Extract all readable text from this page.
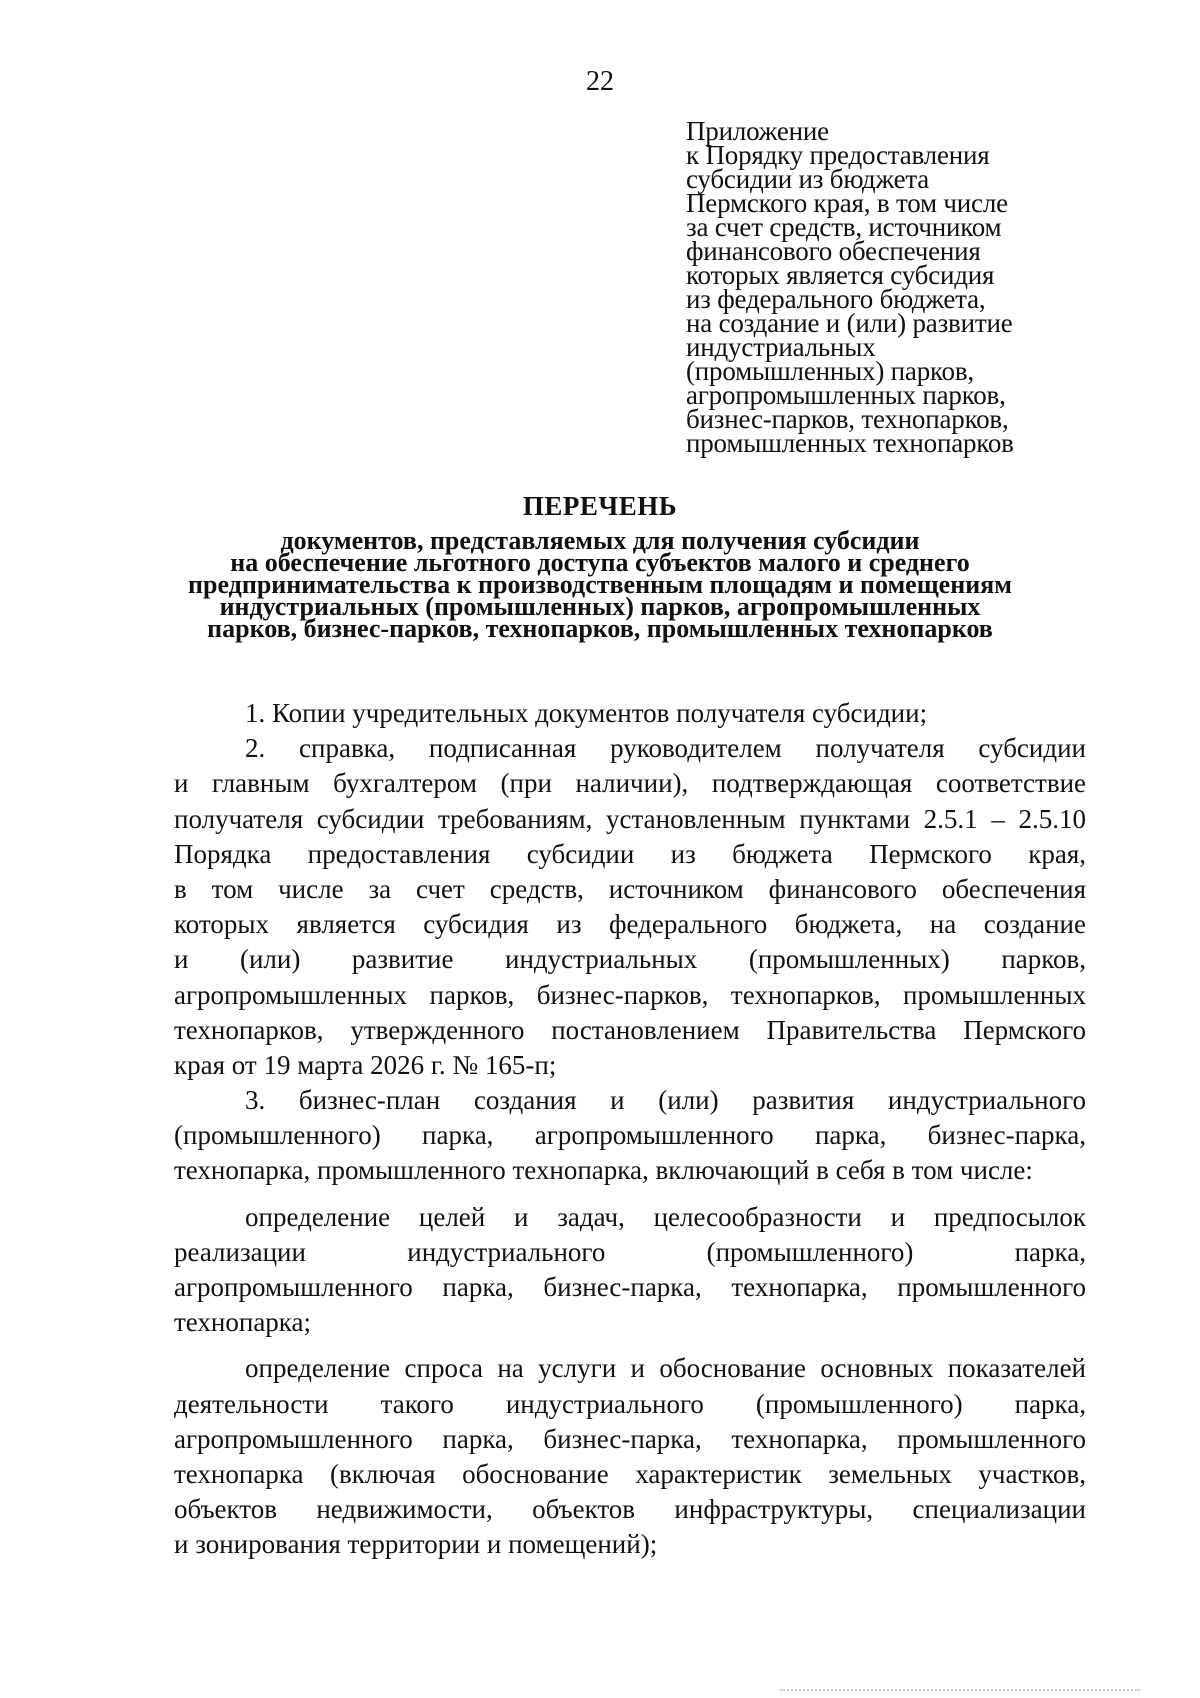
22
Приложение
к Порядку предоставления
субсидии из бюджета
Пермского края, в том числе
за счет средств, источником
финансового обеспечения
которых является субсидия
из федерального бюджета,
на создание и (или) развитие
индустриальных
(промышленных) парков,
агропромышленных парков,
бизнес-парков, технопарков,
промышленных технопарков
ПЕРЕЧЕНЬ
документов, представляемых для получения субсидии
на обеспечение льготного доступа субъектов малого и среднего
предпринимательства к производственным площадям и помещениям
индустриальных (промышленных) парков, агропромышленных
парков, бизнес-парков, технопарков, промышленных технопарков
1. Копии учредительных документов получателя субсидии;
2. справка, подписанная руководителем получателя субсидии
и главным бухгалтером (при наличии), подтверждающая соответствие
получателя субсидии требованиям, установленным пунктами 2.5.1 – 2.5.10
Порядка предоставления субсидии из бюджета Пермского края,
в том числе за счет средств, источником финансового обеспечения
которых является субсидия из федерального бюджета, на создание
и (или) развитие индустриальных (промышленных) парков,
агропромышленных парков, бизнес-парков, технопарков, промышленных
технопарков, утвержденного постановлением Правительства Пермского
края от 19 марта 2026 г. № 165-п;
3. бизнес-план создания и (или) развития индустриального
(промышленного) парка, агропромышленного парка, бизнес-парка,
технопарка, промышленного технопарка, включающий в себя в том числе:
определение целей и задач, целесообразности и предпосылок
реализации индустриального (промышленного) парка,
агропромышленного парка, бизнес-парка, технопарка, промышленного
технопарка;
определение спроса на услуги и обоснование основных показателей
деятельности такого индустриального (промышленного) парка,
агропромышленного парка, бизнес-парка, технопарка, промышленного
технопарка (включая обоснование характеристик земельных участков,
объектов недвижимости, объектов инфраструктуры, специализации
и зонирования территории и помещений);
